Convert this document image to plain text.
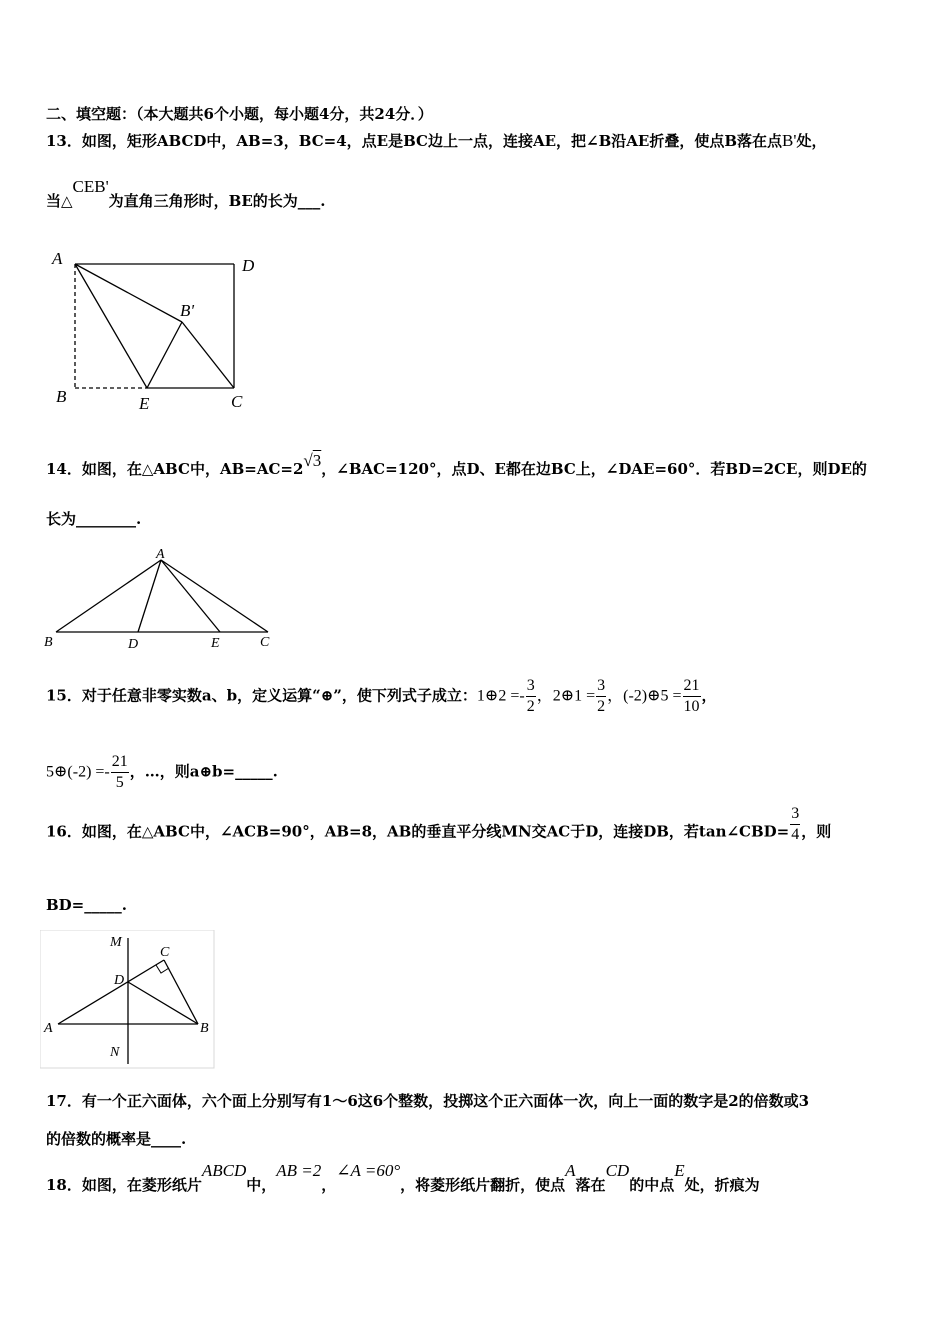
二、填空题：（本大题共6个小题，每小题4分，共24分．）
13．如图，矩形ABCD中，AB=3，BC=4，点E是BC边上一点，连接AE，把∠B沿AE折叠，使点B落在点B'处，
当△CEB'为直角三角形时，BE的长为___.
A	D
B'
B	E	C
14．如图，在△ABC中，AB=AC=2√3，∠BAC=120°，点D、E都在边BC上，∠DAE=60°．若BD=2CE，则DE的
长为________.
A
B	D	E	C
15．对于任意非零实数a、b，定义运算“⊕”，使下列式子成立：1⊕2 =- $\frac{3}{2}$ ，2⊕1 = $\frac{3}{2}$ ，(-2)⊕5 = $\frac{21}{10}$ ，
5⊕(-2) =- $\frac{21}{5}$ ，…，则a⊕b=_____.
16．如图，在△ABC中，∠ACB=90°，AB=8，AB的垂直平分线MN交AC于D，连接DB，若tan∠CBD= $\frac{3}{4}$ ，则
BD=_____.
M
C
D
A	B
N
17．有一个正六面体，六个面上分别写有1～6这6个整数，投掷这个正六面体一次，向上一面的数字是2的倍数或3
的倍数的概率是____.
18．如图，在菱形纸片ABCD中，AB =2，∠A =60°，将菱形纸片翻折，使点A落在CD的中点E处，折痕为
